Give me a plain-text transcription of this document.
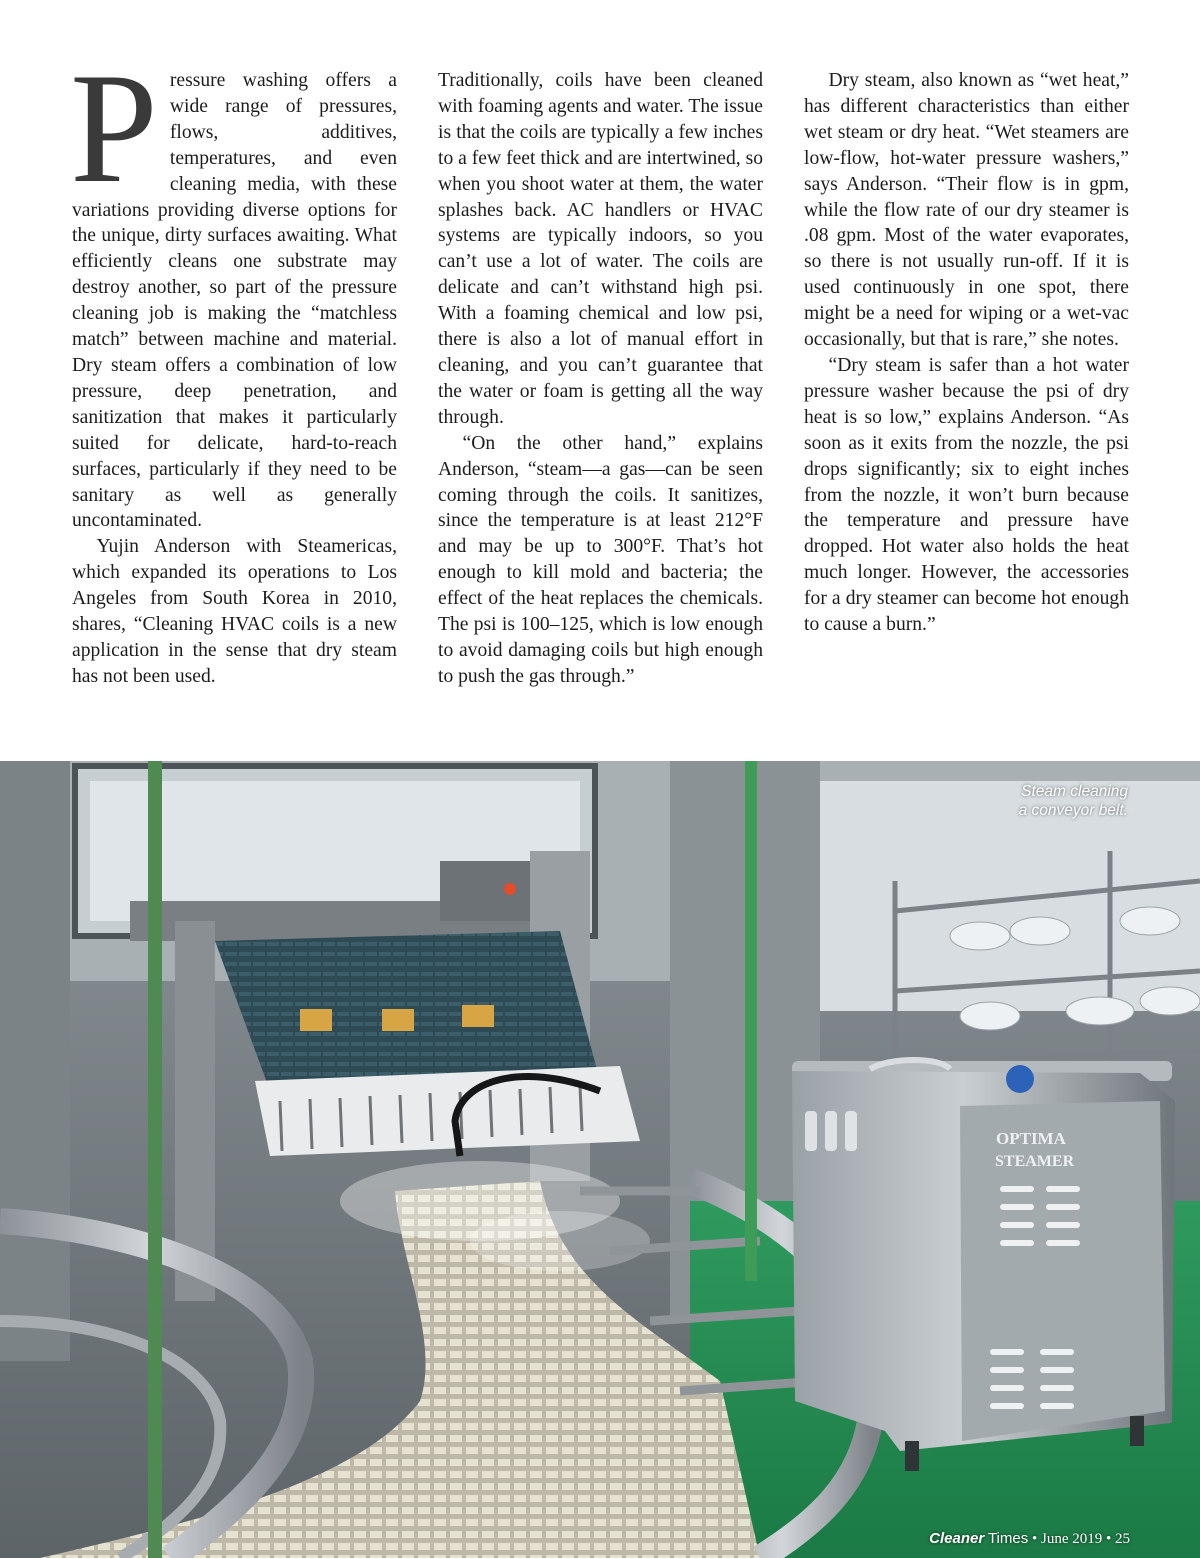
Pressure washing offers a wide range of pressures, flows, additives, temperatures, and even cleaning media, with these variations providing diverse options for the unique, dirty surfaces awaiting. What efficiently cleans one substrate may destroy another, so part of the pressure cleaning job is making the “matchless match” between machine and material. Dry steam offers a combination of low pressure, deep penetration, and sanitization that makes it particularly suited for delicate, hard-to-reach surfaces, particularly if they need to be sanitary as well as generally uncontaminated.

Yujin Anderson with Steamericas, which expanded its operations to Los Angeles from South Korea in 2010, shares, “Cleaning HVAC coils is a new application in the sense that dry steam has not been used.

Traditionally, coils have been cleaned with foaming agents and water. The issue is that the coils are typically a few inches to a few feet thick and are intertwined, so when you shoot water at them, the water splashes back. AC handlers or HVAC systems are typically indoors, so you can’t use a lot of water. The coils are delicate and can’t withstand high psi. With a foaming chemical and low psi, there is also a lot of manual effort in cleaning, and you can’t guarantee that the water or foam is getting all the way through.

“On the other hand,” explains Anderson, “steam—a gas—can be seen coming through the coils. It sanitizes, since the temperature is at least 212°F and may be up to 300°F. That’s hot enough to kill mold and bacteria; the effect of the heat replaces the chemicals. The psi is 100–125, which is low enough to avoid damaging coils but high enough to push the gas through.”

Dry steam, also known as “wet heat,” has different characteristics than either wet steam or dry heat. “Wet steamers are low-flow, hot-water pressure washers,” says Anderson. “Their flow is in gpm, while the flow rate of our dry steamer is .08 gpm. Most of the water evaporates, so there is not usually run-off. If it is used continuously in one spot, there might be a need for wiping or a wet-vac occasionally, but that is rare,” she notes.

“Dry steam is safer than a hot water pressure washer because the psi of dry heat is so low,” explains Anderson. “As soon as it exits from the nozzle, the psi drops significantly; six to eight inches from the nozzle, it won’t burn because the temperature and pressure have dropped. Hot water also holds the heat much longer. However, the accessories for a dry steamer can become hot enough to cause a burn.”

OPTIMA
STEAMER
Steam cleaning
a conveyor belt.
Cleaner Times • June 2019 • 25
